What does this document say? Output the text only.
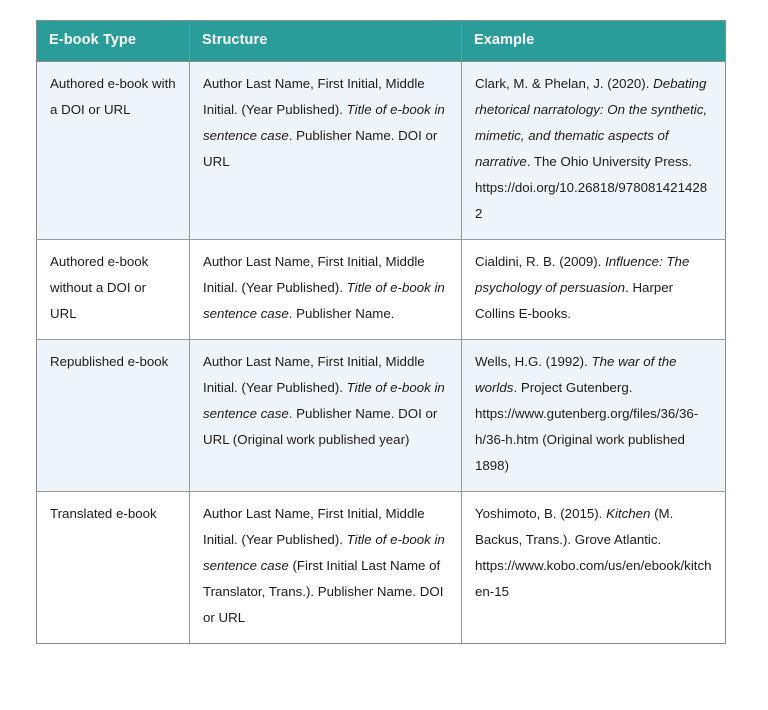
E-book Type	Structure	Example
Authored e-book with a DOI or URL	Author Last Name, First Initial, Middle Initial. (Year Published). Title of e-book in sentence case. Publisher Name. DOI or URL	Clark, M. & Phelan, J. (2020). Debating rhetorical narratology: On the synthetic, mimetic, and thematic aspects of narrative. The Ohio University Press. https://doi.org/10.26818/9780814214282
Authored e-book without a DOI or URL	Author Last Name, First Initial, Middle Initial. (Year Published). Title of e-book in sentence case. Publisher Name.	Cialdini, R. B. (2009). Influence: The psychology of persuasion. Harper Collins E-books.
Republished e-book	Author Last Name, First Initial, Middle Initial. (Year Published). Title of e-book in sentence case. Publisher Name. DOI or URL (Original work published year)	Wells, H.G. (1992). The war of the worlds. Project Gutenberg. https://www.gutenberg.org/files/36/36-h/36-h.htm (Original work published 1898)
Translated e-book	Author Last Name, First Initial, Middle Initial. (Year Published). Title of e-book in sentence case (First Initial Last Name of Translator, Trans.). Publisher Name. DOI or URL	Yoshimoto, B. (2015). Kitchen (M. Backus, Trans.). Grove Atlantic. https://www.kobo.com/us/en/ebook/kitchen-15
